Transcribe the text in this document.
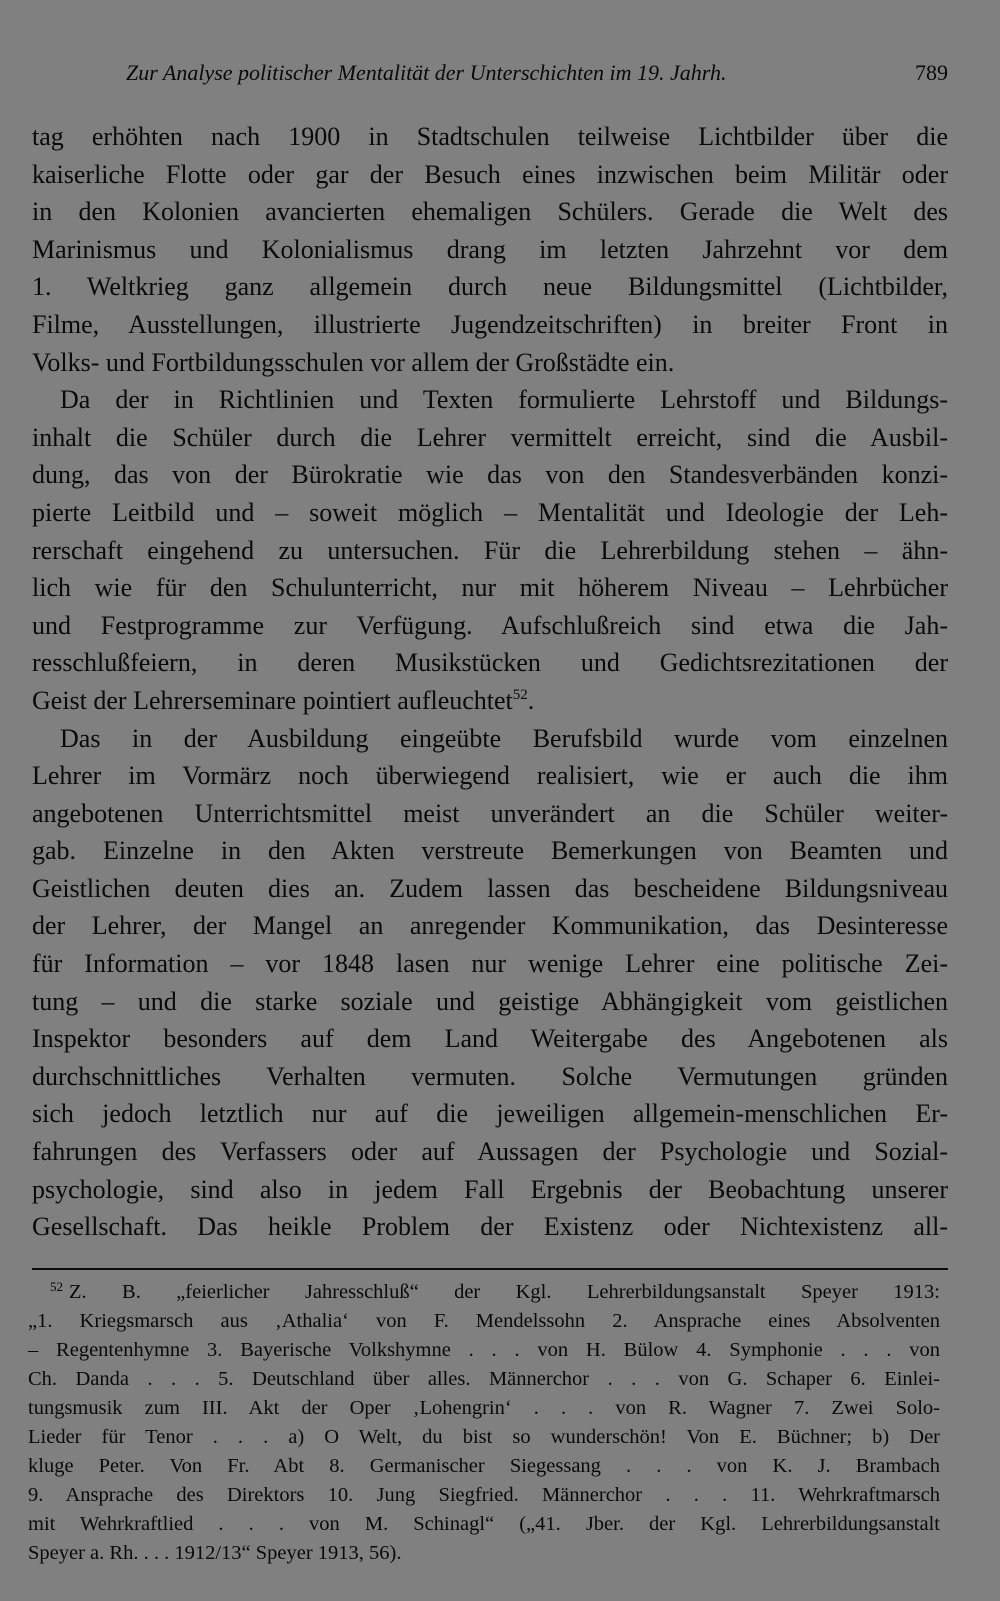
Zur Analyse politischer Mentalität der Unterschichten im 19. Jahrh.	789
tag erhöhten nach 1900 in Stadtschulen teilweise Lichtbilder über die
kaiserliche Flotte oder gar der Besuch eines inzwischen beim Militär oder
in den Kolonien avancierten ehemaligen Schülers. Gerade die Welt des
Marinismus und Kolonialismus drang im letzten Jahrzehnt vor dem
1. Weltkrieg ganz allgemein durch neue Bildungsmittel (Lichtbilder,
Filme, Ausstellungen, illustrierte Jugendzeitschriften) in breiter Front in
Volks- und Fortbildungsschulen vor allem der Großstädte ein.
Da der in Richtlinien und Texten formulierte Lehrstoff und Bildungs-
inhalt die Schüler durch die Lehrer vermittelt erreicht, sind die Ausbil-
dung, das von der Bürokratie wie das von den Standesverbänden konzi-
pierte Leitbild und – soweit möglich – Mentalität und Ideologie der Leh-
rerschaft eingehend zu untersuchen. Für die Lehrerbildung stehen – ähn-
lich wie für den Schulunterricht, nur mit höherem Niveau – Lehrbücher
und Festprogramme zur Verfügung. Aufschlußreich sind etwa die Jah-
resschlußfeiern, in deren Musikstücken und Gedichtsrezitationen der
Geist der Lehrerseminare pointiert aufleuchtet$^{52}$.
Das in der Ausbildung eingeübte Berufsbild wurde vom einzelnen
Lehrer im Vormärz noch überwiegend realisiert, wie er auch die ihm
angebotenen Unterrichtsmittel meist unverändert an die Schüler weiter-
gab. Einzelne in den Akten verstreute Bemerkungen von Beamten und
Geistlichen deuten dies an. Zudem lassen das bescheidene Bildungsniveau
der Lehrer, der Mangel an anregender Kommunikation, das Desinteresse
für Information – vor 1848 lasen nur wenige Lehrer eine politische Zei-
tung – und die starke soziale und geistige Abhängigkeit vom geistlichen
Inspektor besonders auf dem Land Weitergabe des Angebotenen als
durchschnittliches Verhalten vermuten. Solche Vermutungen gründen
sich jedoch letztlich nur auf die jeweiligen allgemein-menschlichen Er-
fahrungen des Verfassers oder auf Aussagen der Psychologie und Sozial-
psychologie, sind also in jedem Fall Ergebnis der Beobachtung unserer
Gesellschaft. Das heikle Problem der Existenz oder Nichtexistenz all-
$^{52}$ Z. B. „feierlicher Jahresschluß“ der Kgl. Lehrerbildungsanstalt Speyer 1913:
„1. Kriegsmarsch aus ‚Athalia‘ von F. Mendelssohn 2. Ansprache eines Absolventen
– Regentenhymne 3. Bayerische Volkshymne . . . von H. Bülow 4. Symphonie . . . von
Ch. Danda . . . 5. Deutschland über alles. Männerchor . . . von G. Schaper 6. Einlei-
tungsmusik zum III. Akt der Oper ‚Lohengrin‘ . . . von R. Wagner 7. Zwei Solo-
Lieder für Tenor . . . a) O Welt, du bist so wunderschön! Von E. Büchner; b) Der
kluge Peter. Von Fr. Abt 8. Germanischer Siegessang . . . von K. J. Brambach
9. Ansprache des Direktors 10. Jung Siegfried. Männerchor . . . 11. Wehrkraftmarsch
mit Wehrkraftlied . . . von M. Schinagl“ („41. Jber. der Kgl. Lehrerbildungsanstalt
Speyer a. Rh. . . . 1912/13“ Speyer 1913, 56).
